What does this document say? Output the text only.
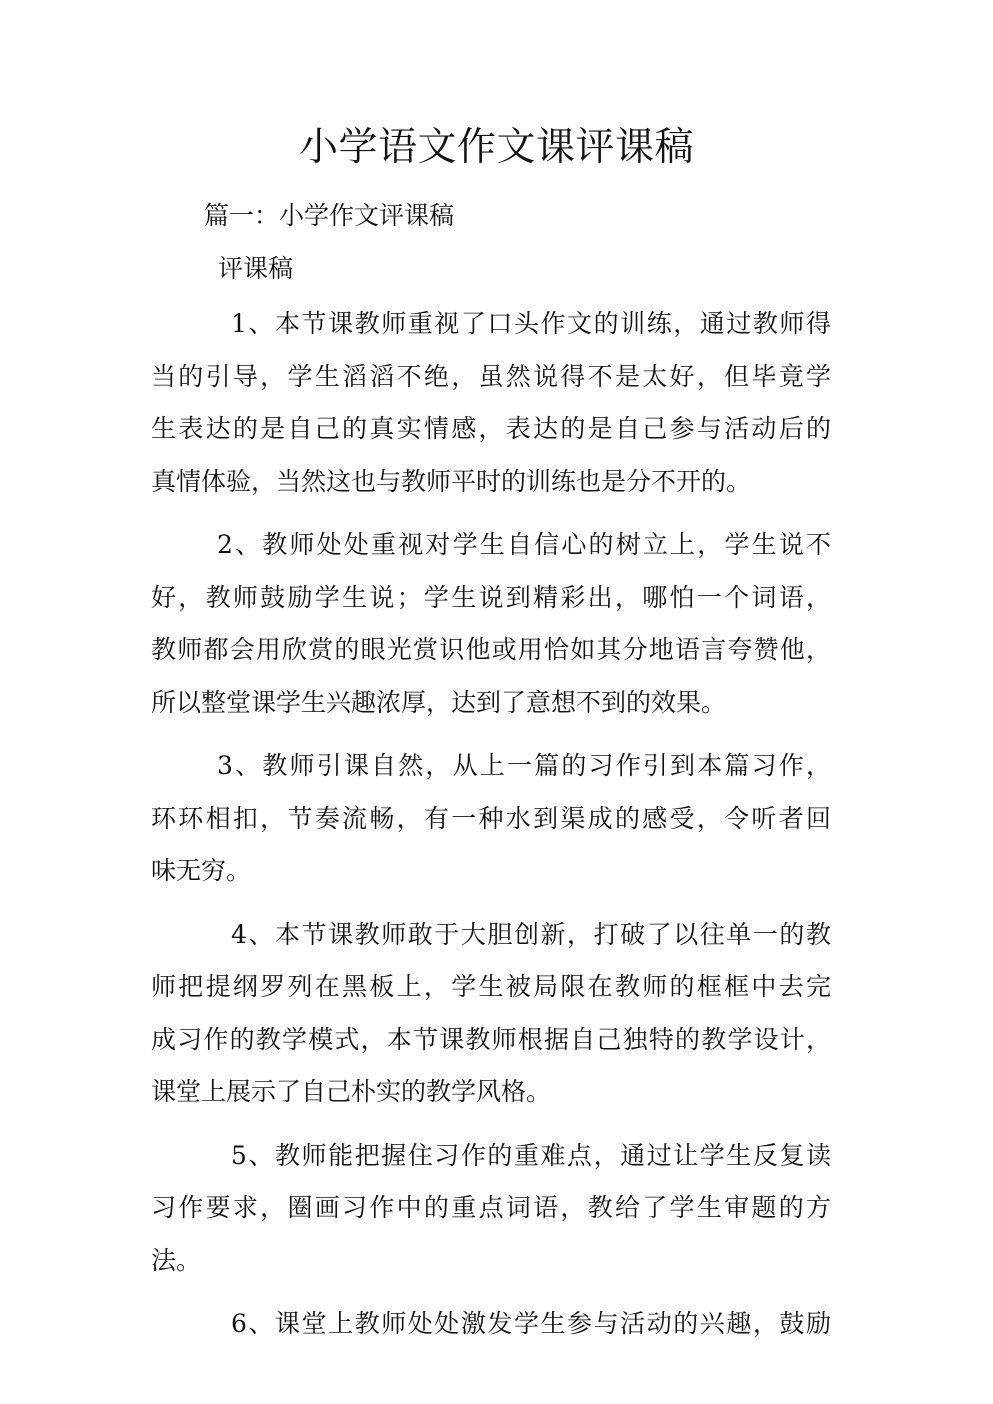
小学语文作文课评课稿

篇一：小学作文评课稿

评课稿

1、本节课教师重视了口头作文的训练，通过教师得
当的引导，学生滔滔不绝，虽然说得不是太好，但毕竟学
生表达的是自己的真实情感，表达的是自己参与活动后的
真情体验，当然这也与教师平时的训练也是分不开的。
2、教师处处重视对学生自信心的树立上，学生说不
好，教师鼓励学生说；学生说到精彩出，哪怕一个词语，
教师都会用欣赏的眼光赏识他或用恰如其分地语言夸赞他，
所以整堂课学生兴趣浓厚，达到了意想不到的效果。
3、教师引课自然，从上一篇的习作引到本篇习作，
环环相扣，节奏流畅，有一种水到渠成的感受，令听者回
味无穷。
4、本节课教师敢于大胆创新，打破了以往单一的教
师把提纲罗列在黑板上，学生被局限在教师的框框中去完
成习作的教学模式，本节课教师根据自己独特的教学设计，
课堂上展示了自己朴实的教学风格。
5、教师能把握住习作的重难点，通过让学生反复读
习作要求，圈画习作中的重点词语，教给了学生审题的方
法。
6、课堂上教师处处激发学生参与活动的兴趣，鼓励
